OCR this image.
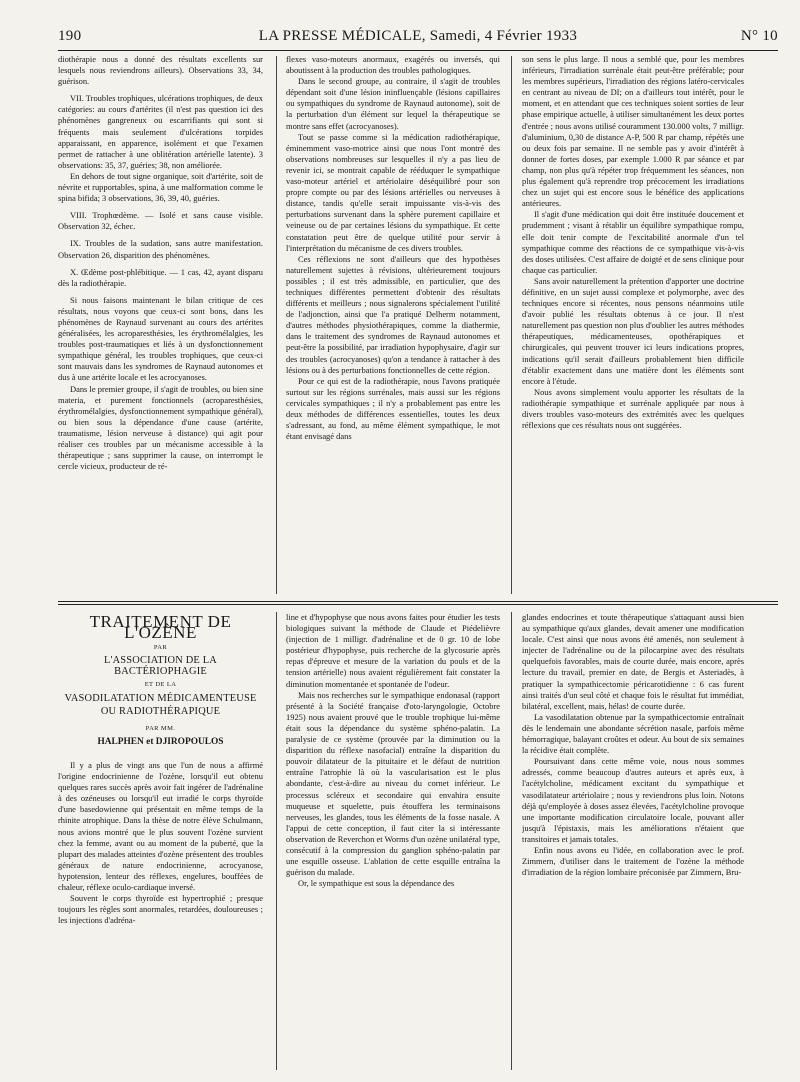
190	LA PRESSE MÉDICALE, Samedi, 4 Février 1933	N° 10

diothérapie nous a donné des résultats excellents sur lesquels nous reviendrons ailleurs). Observations 33, 34, guérison.

VII. Troubles trophiques, ulcérations trophiques, de deux catégories: au cours d'artérites (il n'est pas question ici des phénomènes gangreneux ou escarrifiants qui sont si fréquents mais seulement d'ulcérations torpides apparaissant, en apparence, isolément et que l'examen permet de rattacher à une oblitération artérielle latente). 3 observations: 35, 37, guéries; 38, non améliorée.

En dehors de tout signe organique, soit d'artérite, soit de névrite et rupportables, spina, à une malformation comme le spina bifida; 3 observations, 36, 39, 40, guéries.

VIII. Trophœdème. — Isolé et sans cause visible. Observation 32, échec.

IX. Troubles de la sudation, sans autre manifestation. Observation 26, disparition des phénomènes.

X. Œdème post-phlébitique. — 1 cas, 42, ayant disparu dès la radiothérapie.

Si nous faisons maintenant le bilan critique de ces résultats, nous voyons que ceux-ci sont bons, dans les phénomènes de Raynaud survenant au cours des artérites généralisées, les acroparesthésies, les érythromélalgies, les troubles post-traumatiques et liés à un dysfonctionnement sympathique général, les troubles trophiques, que ceux-ci sont mauvais dans les syndromes de Raynaud autonomes et dus à une artérite locale et les acrocyanoses.

Dans le premier groupe, il s'agit de troubles, ou bien sine materia, et purement fonctionnels (acroparesthésies, érythromélalgies, dysfonctionnement sympathique général), ou bien sous la dépendance d'une cause (artérite, traumatisme, lésion nerveuse à distance) qui agit pour réaliser ces troubles par un mécanisme accessible à la thérapeutique ; sans supprimer la cause, on interrompt le cercle vicieux, producteur de ré-

flexes vaso-moteurs anormaux, exagérés ou inversés, qui aboutissent à la production des troubles pathologiques.

Dans le second groupe, au contraire, il s'agit de troubles dépendant soit d'une lésion ininfluençable (lésions capillaires ou sympathiques du syndrome de Raynaud autonome), soit de la perturbation d'un élément sur lequel la thérapeutique se montre sans effet (acrocyanoses).

Tout se passe comme si la médication radiothérapique, éminemment vaso-motrice ainsi que nous l'ont montré des observations nombreuses sur lesquelles il n'y a pas lieu de revenir ici, se montrait capable de rééduquer le sympathique vaso-moteur artériel et artériolaire déséquilibré pour son propre compte ou par des lésions artérielles ou nerveuses à distance, tandis qu'elle serait impuissante vis-à-vis des perturbations survenant dans la sphère purement capillaire et veineuse ou de par certaines lésions du sympathique. Et cette constatation peut être de quelque utilité pour servir à l'interprétation du mécanisme de ces divers troubles.

Ces réflexions ne sont d'ailleurs que des hypothèses naturellement sujettes à révisions, ultérieurement toujours possibles ; il est très admissible, en particulier, que des techniques différentes permettent d'obtenir des résultats différents et meilleurs ; nous signalerons spécialement l'utilité de l'adjonction, ainsi que l'a pratiqué Delherm notamment, d'autres méthodes physiothérapiques, comme la diathermie, dans le traitement des syndromes de Raynaud autonomes et peut-être la possibilité, par irradiation hypophysaire, d'agir sur des troubles (acrocyanoses) qu'on a tendance à rattacher à des lésions ou à des perturbations fonctionnelles de cette région.

Pour ce qui est de la radiothérapie, nous l'avons pratiquée surtout sur les régions surrénales, mais aussi sur les régions cervicales sympathiques ; il n'y a probablement pas entre les deux méthodes de différences essentielles, toutes les deux s'adressant, au fond, au même élément sympathique, le mot étant envisagé dans

son sens le plus large. Il nous a semblé que, pour les membres inférieurs, l'irradiation surrénale était peut-être préférable; pour les membres supérieurs, l'irradiation des régions latéro-cervicales en centrant au niveau de DI; on a d'ailleurs tout intérêt, pour le moment, et en attendant que ces techniques soient sorties de leur phase empirique actuelle, à utiliser simultanément les deux portes d'entrée ; nous avons utilisé couramment 130.000 volts, 7 milligr. d'aluminium, 0,30 de distance A-P, 500 R par champ, répétés une ou deux fois par semaine. Il ne semble pas y avoir d'intérêt à donner de fortes doses, par exemple 1.000 R par séance et par champ, non plus qu'à répéter trop fréquemment les séances, non plus également qu'à reprendre trop précocement les irradiations chez un sujet qui est encore sous le bénéfice des applications antérieures.

Il s'agit d'une médication qui doit être instituée doucement et prudemment ; visant à rétablir un équilibre sympathique rompu, elle doit tenir compte de l'excitabilité anormale d'un tel sympathique comme des réactions de ce sympathique vis-à-vis des doses utilisées. C'est affaire de doigté et de sens clinique pour chaque cas particulier.

Sans avoir naturellement la prétention d'apporter une doctrine définitive, en un sujet aussi complexe et polymorphe, avec des techniques encore si récentes, nous pensons néanmoins utile d'avoir publié les résultats obtenus à ce jour. Il n'est naturellement pas question non plus d'oublier les autres méthodes thérapeutiques, médicamenteuses, opothérapiques et chirurgicales, qui peuvent trouver ici leurs indications propres, indications qu'il serait d'ailleurs probablement bien difficile d'établir exactement dans une matière dont les éléments sont encore à l'étude.

Nous avons simplement voulu apporter les résultats de la radiothérapie sympathique et surrénale appliquée par nous à divers troubles vaso-moteurs des extrémités avec les quelques réflexions que ces résultats nous ont suggérées.

TRAITEMENT DE L'OZÈNE
PAR
L'ASSOCIATION DE LA BACTÉRIOPHAGIE
ET DE LA
VASODILATATION MÉDICAMENTEUSE
OU RADIOTHÉRAPIQUE
PAR MM.
HALPHEN et DJIROPOULOS

Il y a plus de vingt ans que l'un de nous a affirmé l'origine endocrinienne de l'ozène, lorsqu'il eut obtenu quelques rares succès après avoir fait ingérer de l'adrénaline à des ozéneuses ou lorsqu'il eut irradié le corps thyroïde d'une basedowienne qui présentait en même temps de la rhinite atrophique. Dans la thèse de notre élève Schulmann, nous avions montré que le plus souvent l'ozène survient chez la femme, avant ou au moment de la puberté, que la plupart des malades atteintes d'ozène présentent des troubles généraux de nature endocrinienne, acrocyanose, hypotension, lenteur des réflexes, engelures, bouffées de chaleur, réflexe oculo-cardiaque inversé.

Souvent le corps thyroïde est hypertrophié ; presque toujours les règles sont anormales, retardées, douloureuses ; les injections d'adréna-

line et d'hypophyse que nous avons faites pour étudier les tests biologiques suivant la méthode de Claude et Piédelièvre (injection de 1 milligr. d'adrénaline et de 0 gr. 10 de lobe postérieur d'hypophyse, puis recherche de la glycosurie après repas d'épreuve et mesure de la variation du pouls et de la tension artérielle) nous avaient régulièrement fait constater la diminution momentanée et spontanée de l'odeur.

Mais nos recherches sur le sympathique endonasal (rapport présenté à la Société française d'oto-laryngologie, Octobre 1925) nous avaient prouvé que le trouble trophique lui-même était sous la dépendance du système sphéno-palatin. La paralysie de ce système (prouvée par la diminution ou la disparition du réflexe nasofacial) entraîne la disparition du pouvoir dilatateur de la pituitaire et le défaut de nutrition entraîne l'atrophie là où la vascularisation est le plus abondante, c'est-à-dire au niveau du cornet inférieur. Le processus scléreux et secondaire qui envahira ensuite muqueuse et squelette, puis étouffera les terminaisons nerveuses, les glandes, tous les éléments de la fosse nasale. A l'appui de cette conception, il faut citer la si intéressante observation de Reverchon et Worms d'un ozène unilatéral type, consécutif à la compression du ganglion sphéno-palatin par une esquille osseuse. L'ablation de cette esquille entraîna la guérison du malade.

Or, le sympathique est sous la dépendance des

glandes endocrines et toute thérapeutique s'attaquant aussi bien au sympathique qu'aux glandes, devait amener une modification locale. C'est ainsi que nous avons été amenés, non seulement à injecter de l'adrénaline ou de la pilocarpine avec des résultats quelquefois favorables, mais de courte durée, mais encore, après lecture du travail, premier en date, de Bergis et Asteriadès, à pratiquer la sympathicectomie péricarotidienne : 6 cas furent ainsi traités d'un seul côté et chaque fois le résultat fut immédiat, bilatéral, excellent, mais, hélas! de courte durée.

La vasodilatation obtenue par la sympathicectomie entraînait dès le lendemain une abondante sécrétion nasale, parfois même hémorragique, balayant croûtes et odeur. Au bout de six semaines la récidive était complète.

Poursuivant dans cette même voie, nous nous sommes adressés, comme beaucoup d'autres auteurs et après eux, à l'acétylcholine, médicament excitant du sympathique et vasodilatateur artériolaire ; nous y reviendrons plus loin. Notons déjà qu'employée à doses assez élevées, l'acétylcholine provoque une importante modification circulatoire locale, pouvant aller jusqu'à l'épistaxis, mais les améliorations n'étaient que transitoires et jamais totales.

Enfin nous avons eu l'idée, en collaboration avec le prof. Zimmern, d'utiliser dans le traitement de l'ozène la méthode d'irradiation de la région lombaire préconisée par Zimmern, Bru-
